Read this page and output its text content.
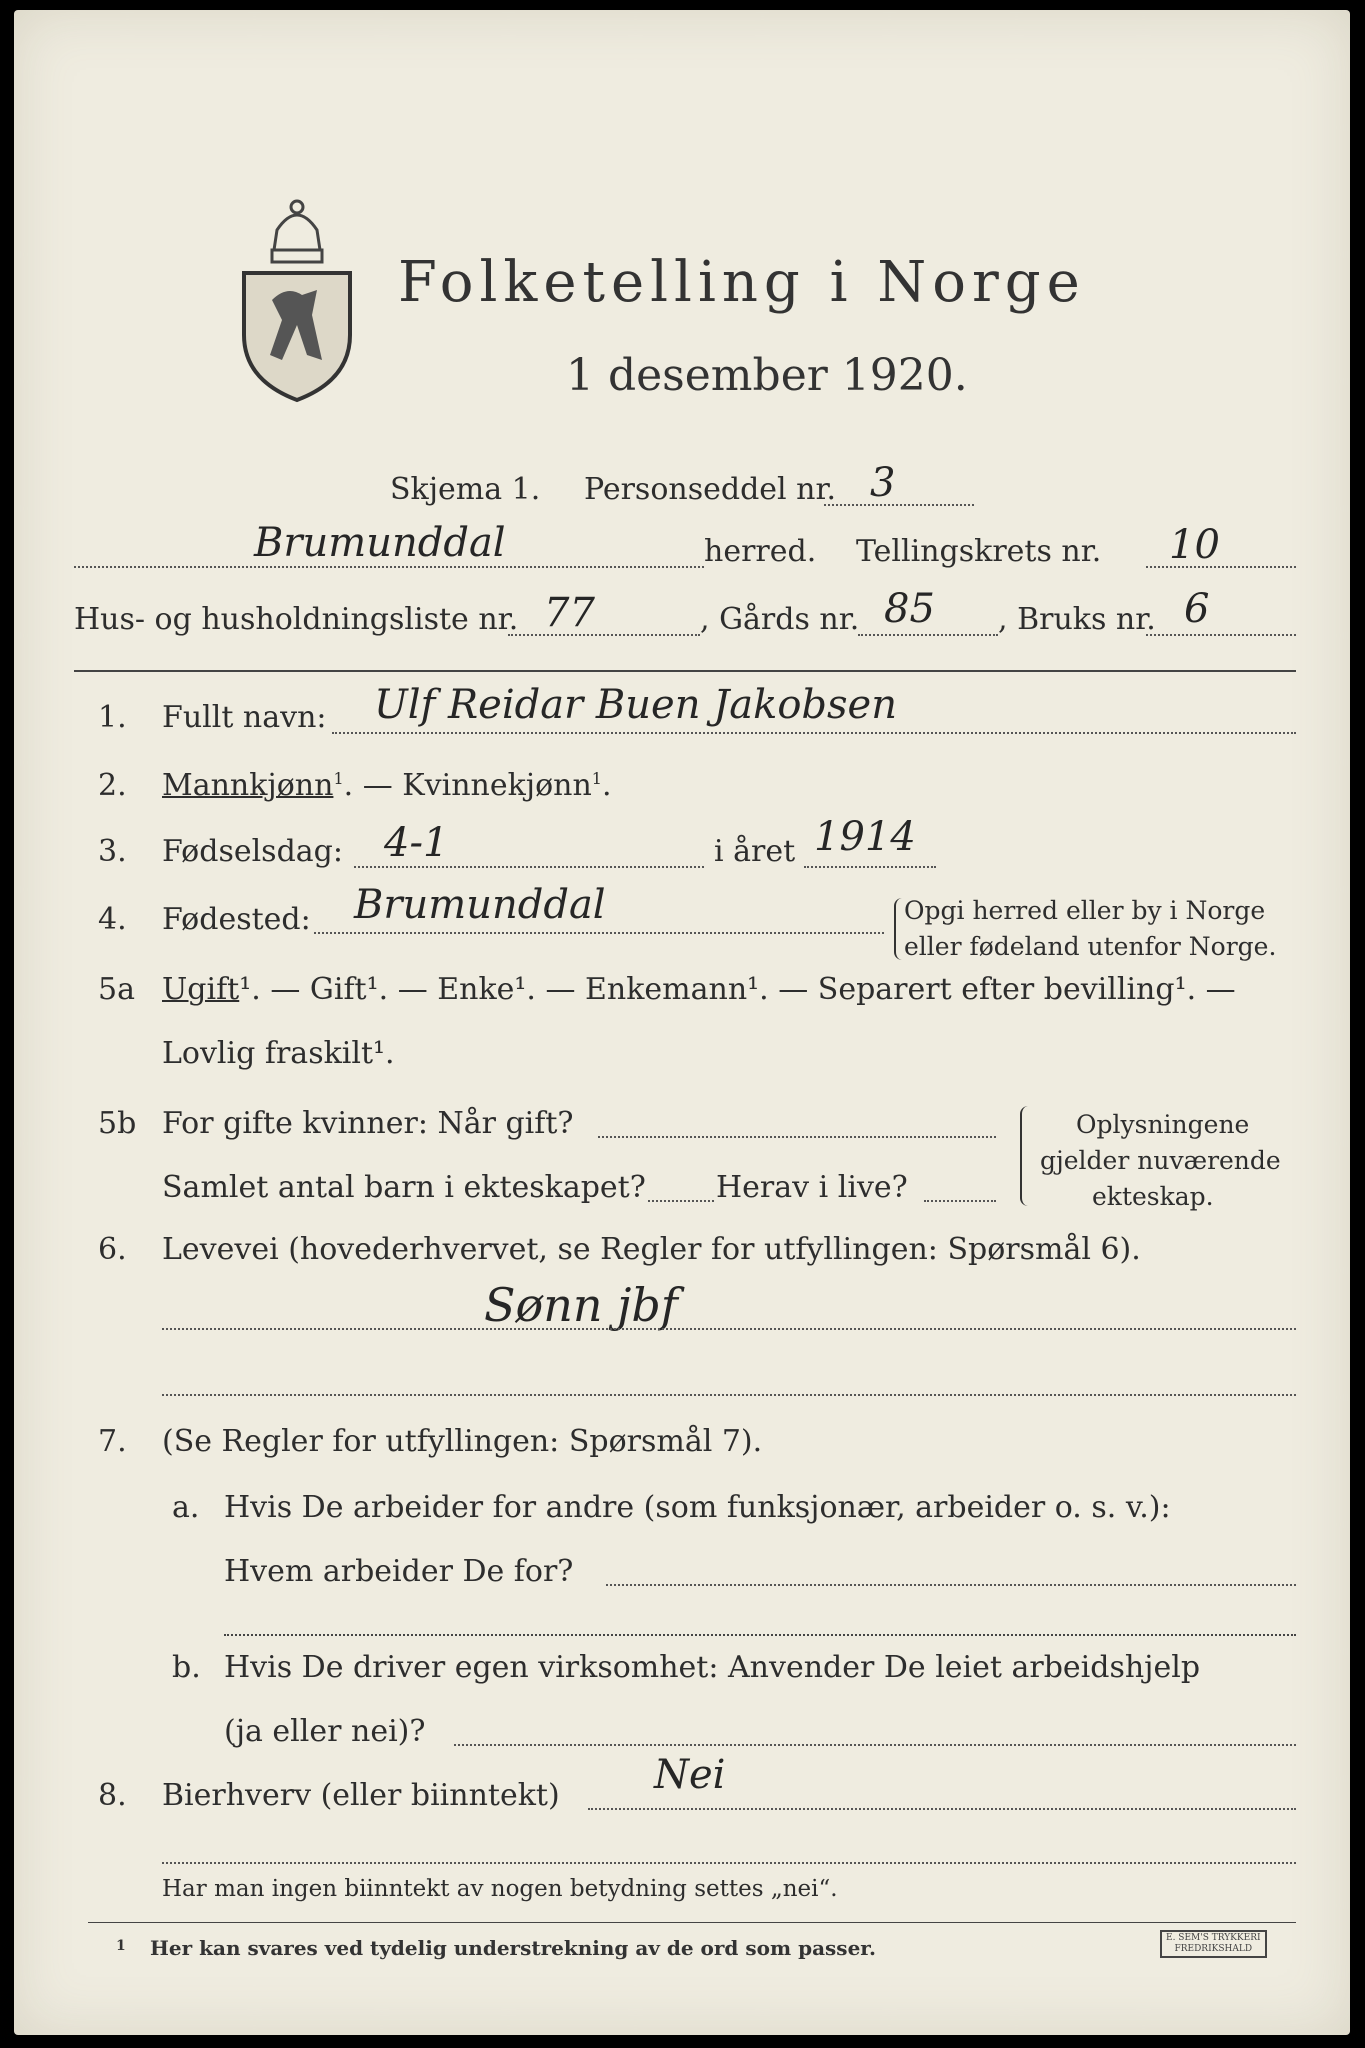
Folketelling i Norge
1 desember 1920.
Skjema 1. Personseddel nr. 3
Brumunddal	herred. Tellingskrets nr. 10
Hus- og husholdningsliste nr. 77	, Gårds nr. 85 , Bruks nr. 6
1. Fullt navn: Ulf Reidar Buen Jakobsen
2. Mannkjønn$^1$. — Kvinnekjønn$^1$.
3. Fødselsdag: 4-1	i året 1914
4. Fødested: Brumunddal	Opgi herred eller by i Norge
eller fødeland utenfor Norge.
5a Ugift¹. — Gift¹. — Enke¹. — Enkemann¹. — Separert efter bevilling¹. —
Lovlig fraskilt¹.
5b For gifte kvinner: Når gift?
Samlet antal barn i ekteskapet? Herav i live?
Oplysningene
gjelder nuværende
ekteskap.
6. Levevei (hovederhvervet, se Regler for utfyllingen: Spørsmål 6).
Sønn jbf
7. (Se Regler for utfyllingen: Spørsmål 7).
a. Hvis De arbeider for andre (som funksjonær, arbeider o. s. v.):
Hvem arbeider De for?
b. Hvis De driver egen virksomhet: Anvender De leiet arbeidshjelp
(ja eller nei)?
8. Bierhverv (eller biinntekt) Nei
Har man ingen biinntekt av nogen betydning settes „nei“.
1 Her kan svares ved tydelig understrekning av de ord som passer.	E. SEM'S TRYKKERI
FREDRIKSHALD
